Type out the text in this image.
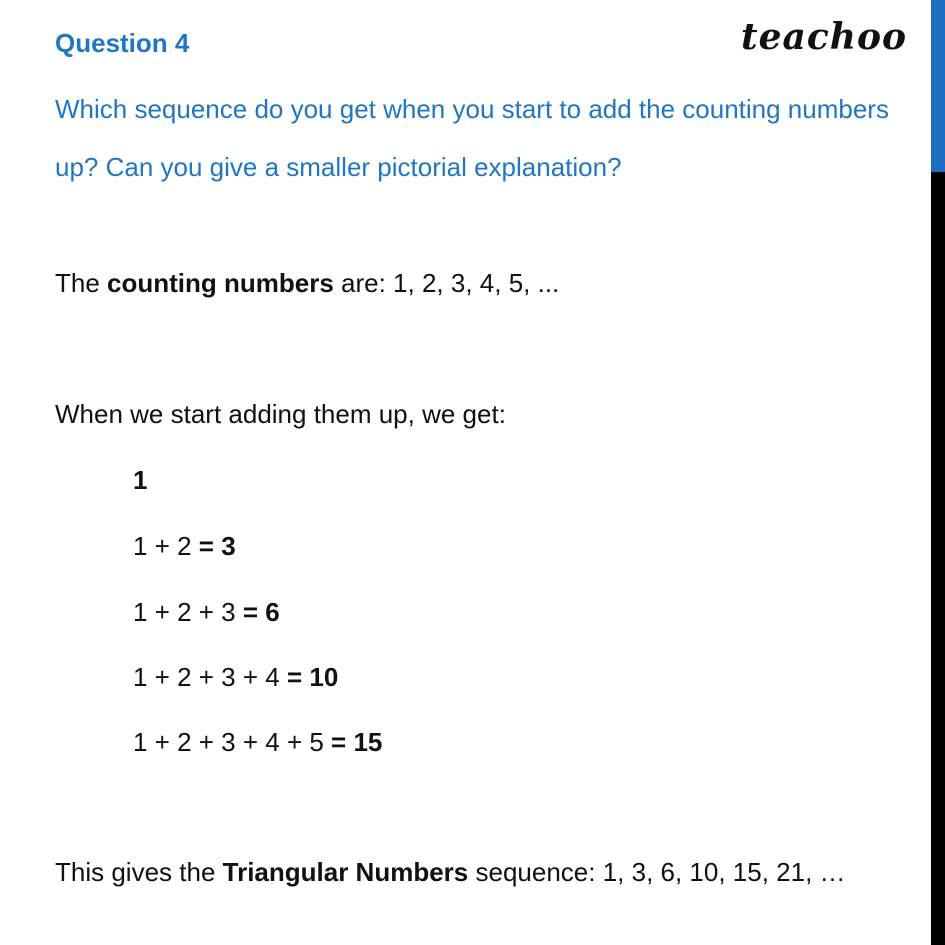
Question 4	teachoo
Which sequence do you get when you start to add the counting numbers up? Can you give a smaller pictorial explanation?
The counting numbers are: 1, 2, 3, 4, 5, ...
When we start adding them up, we get:
1
1 + 2 = 3
1 + 2 + 3 = 6
1 + 2 + 3 + 4 = 10
1 + 2 + 3 + 4 + 5 = 15
This gives the Triangular Numbers sequence: 1, 3, 6, 10, 15, 21, …
